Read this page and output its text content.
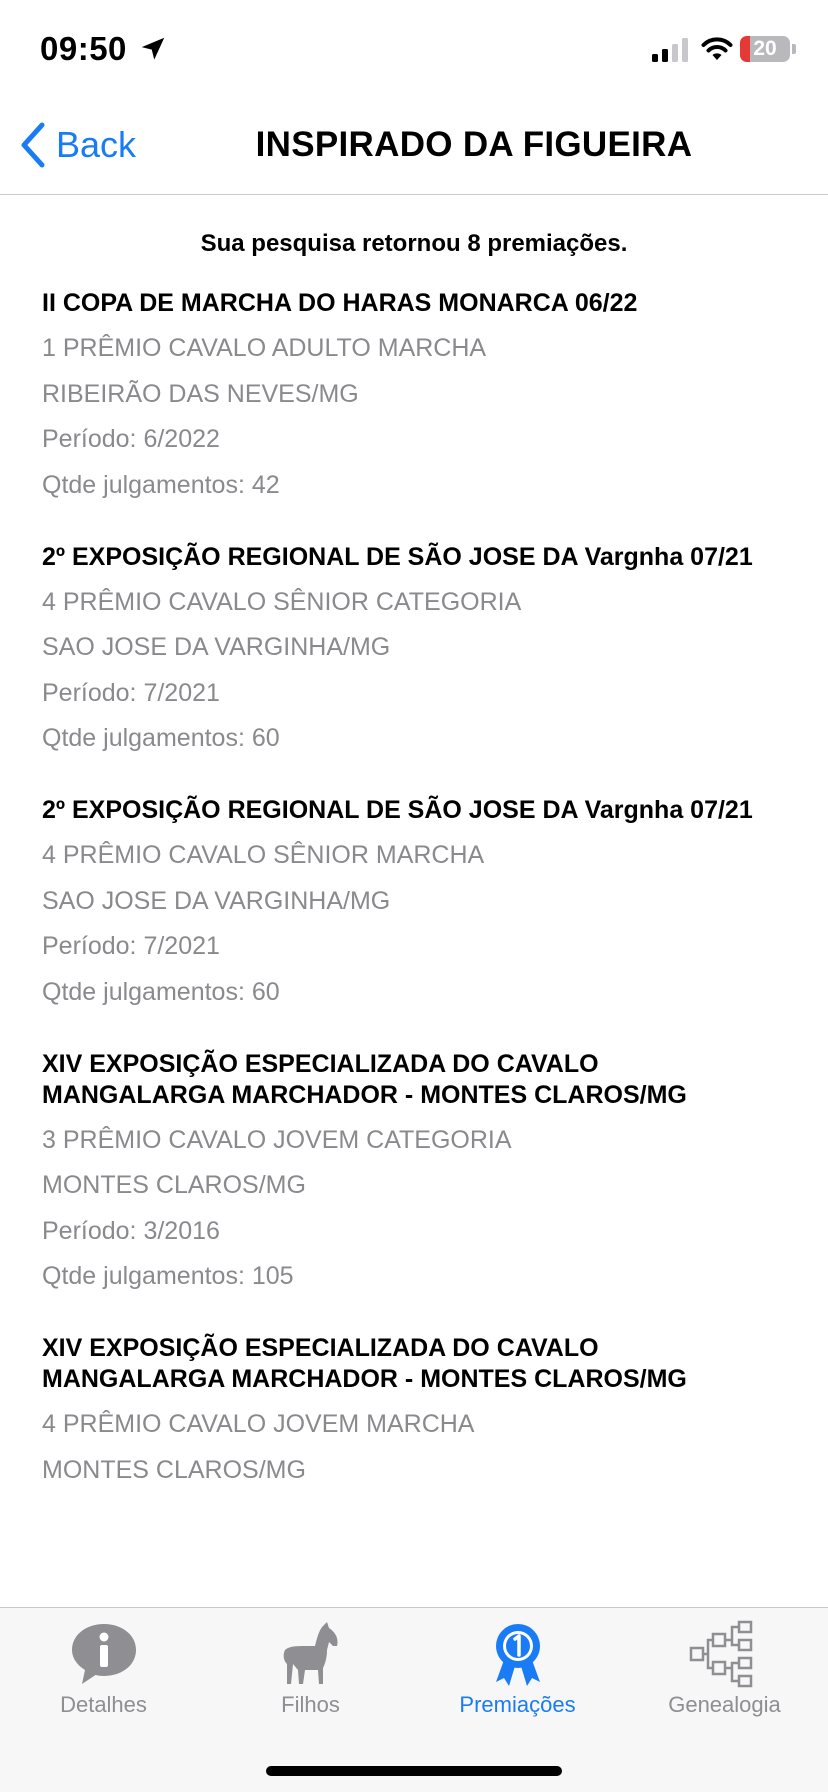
09:50	20
Back	INSPIRADO DA FIGUEIRA
Sua pesquisa retornou 8 premiações.
II COPA DE MARCHA DO HARAS MONARCA 06/22
1 PRÊMIO CAVALO ADULTO MARCHA
RIBEIRÃO DAS NEVES/MG
Período: 6/2022
Qtde julgamentos: 42
2º EXPOSIÇÃO REGIONAL DE SÃO JOSE DA Vargnha 07/21
4 PRÊMIO CAVALO SÊNIOR CATEGORIA
SAO JOSE DA VARGINHA/MG
Período: 7/2021
Qtde julgamentos: 60
2º EXPOSIÇÃO REGIONAL DE SÃO JOSE DA Vargnha 07/21
4 PRÊMIO CAVALO SÊNIOR MARCHA
SAO JOSE DA VARGINHA/MG
Período: 7/2021
Qtde julgamentos: 60
XIV EXPOSIÇÃO ESPECIALIZADA DO CAVALO MANGALARGA MARCHADOR - MONTES CLAROS/MG
3 PRÊMIO CAVALO JOVEM CATEGORIA
MONTES CLAROS/MG
Período: 3/2016
Qtde julgamentos: 105
XIV EXPOSIÇÃO ESPECIALIZADA DO CAVALO MANGALARGA MARCHADOR - MONTES CLAROS/MG
4 PRÊMIO CAVALO JOVEM MARCHA
MONTES CLAROS/MG
Detalhes	Filhos	Premiações	Genealogia
